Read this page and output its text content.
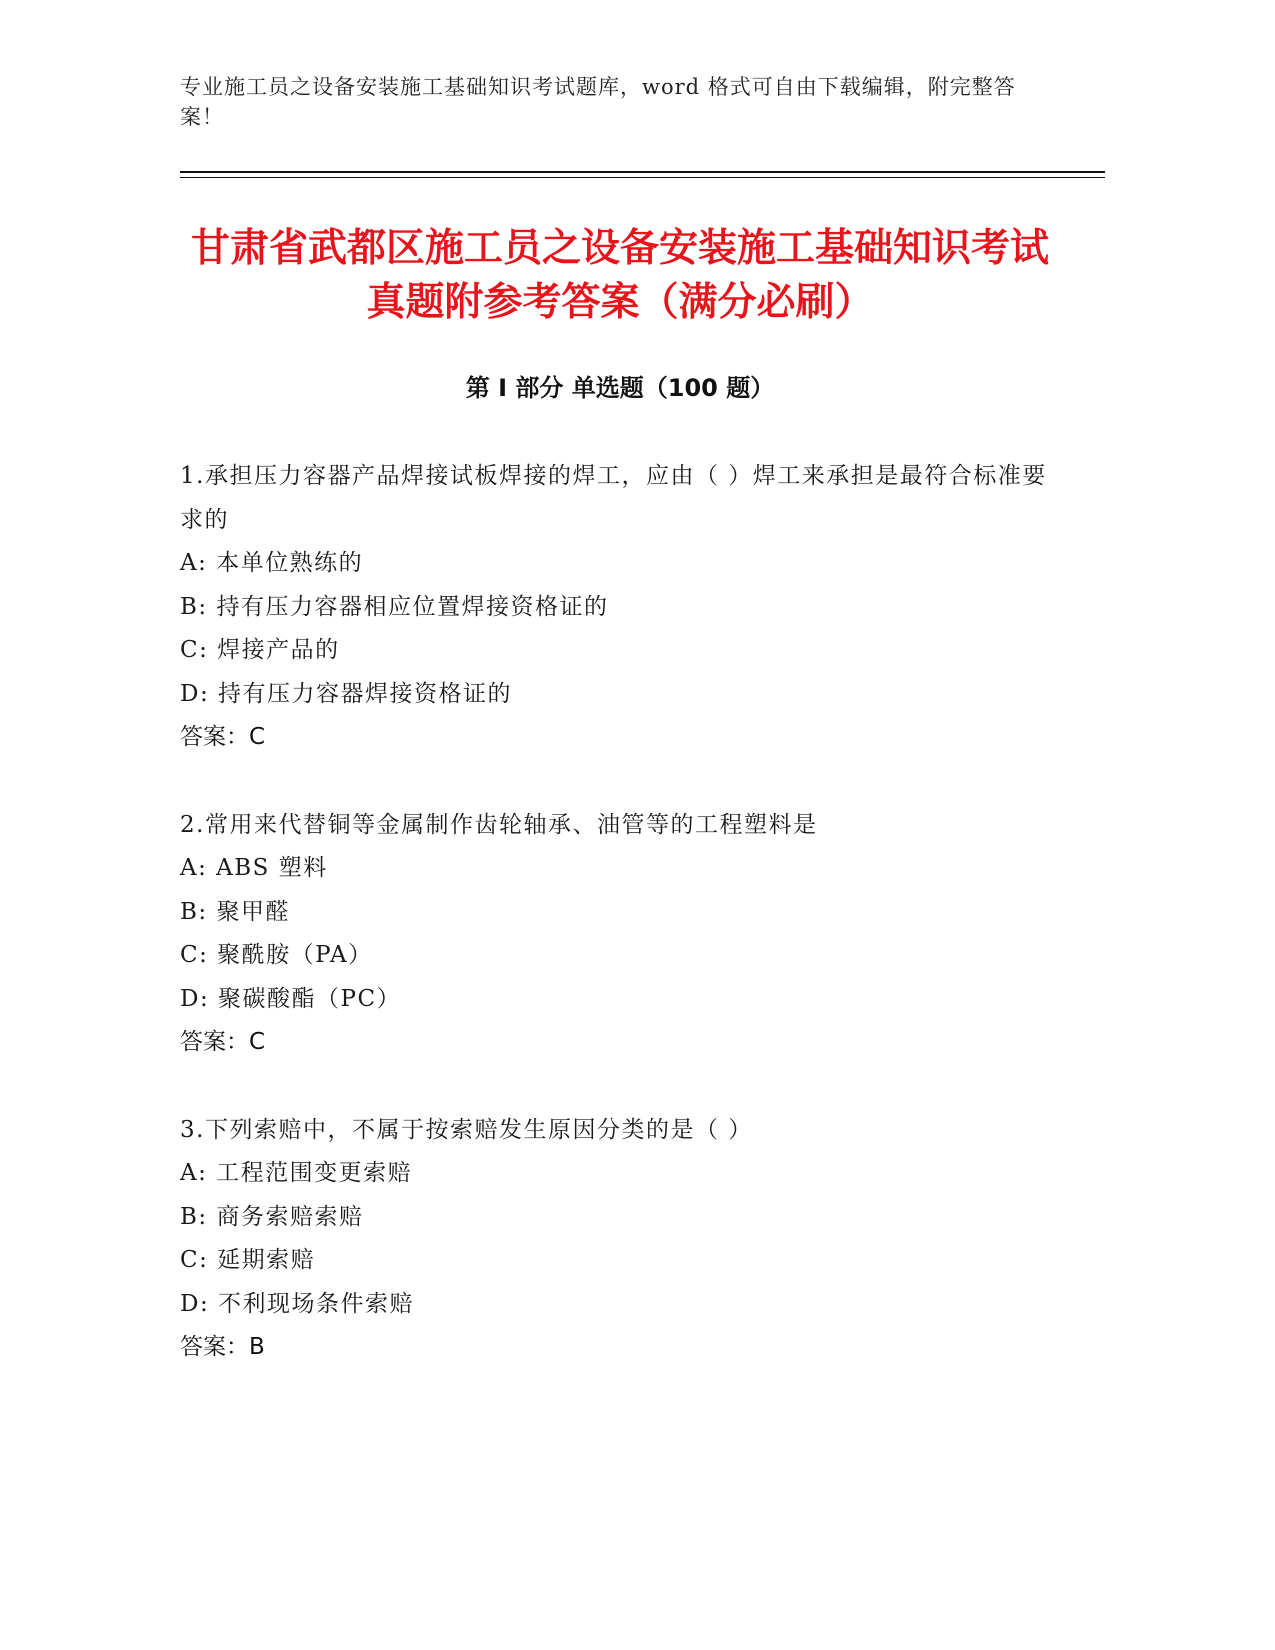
专业施工员之设备安装施工基础知识考试题库，word 格式可自由下载编辑，附完整答案！
甘肃省武都区施工员之设备安装施工基础知识考试真题附参考答案（满分必刷）
第 I 部分 单选题（100 题）
1.承担压力容器产品焊接试板焊接的焊工，应由（ ）焊工来承担是最符合标准要求的
A: 本单位熟练的
B: 持有压力容器相应位置焊接资格证的
C: 焊接产品的
D: 持有压力容器焊接资格证的
答案：C
2.常用来代替铜等金属制作齿轮轴承、油管等的工程塑料是
A: ABS 塑料
B: 聚甲醛
C: 聚酰胺（PA）
D: 聚碳酸酯（PC）
答案：C
3.下列索赔中，不属于按索赔发生原因分类的是（ ）
A: 工程范围变更索赔
B: 商务索赔索赔
C: 延期索赔
D: 不利现场条件索赔
答案：B
